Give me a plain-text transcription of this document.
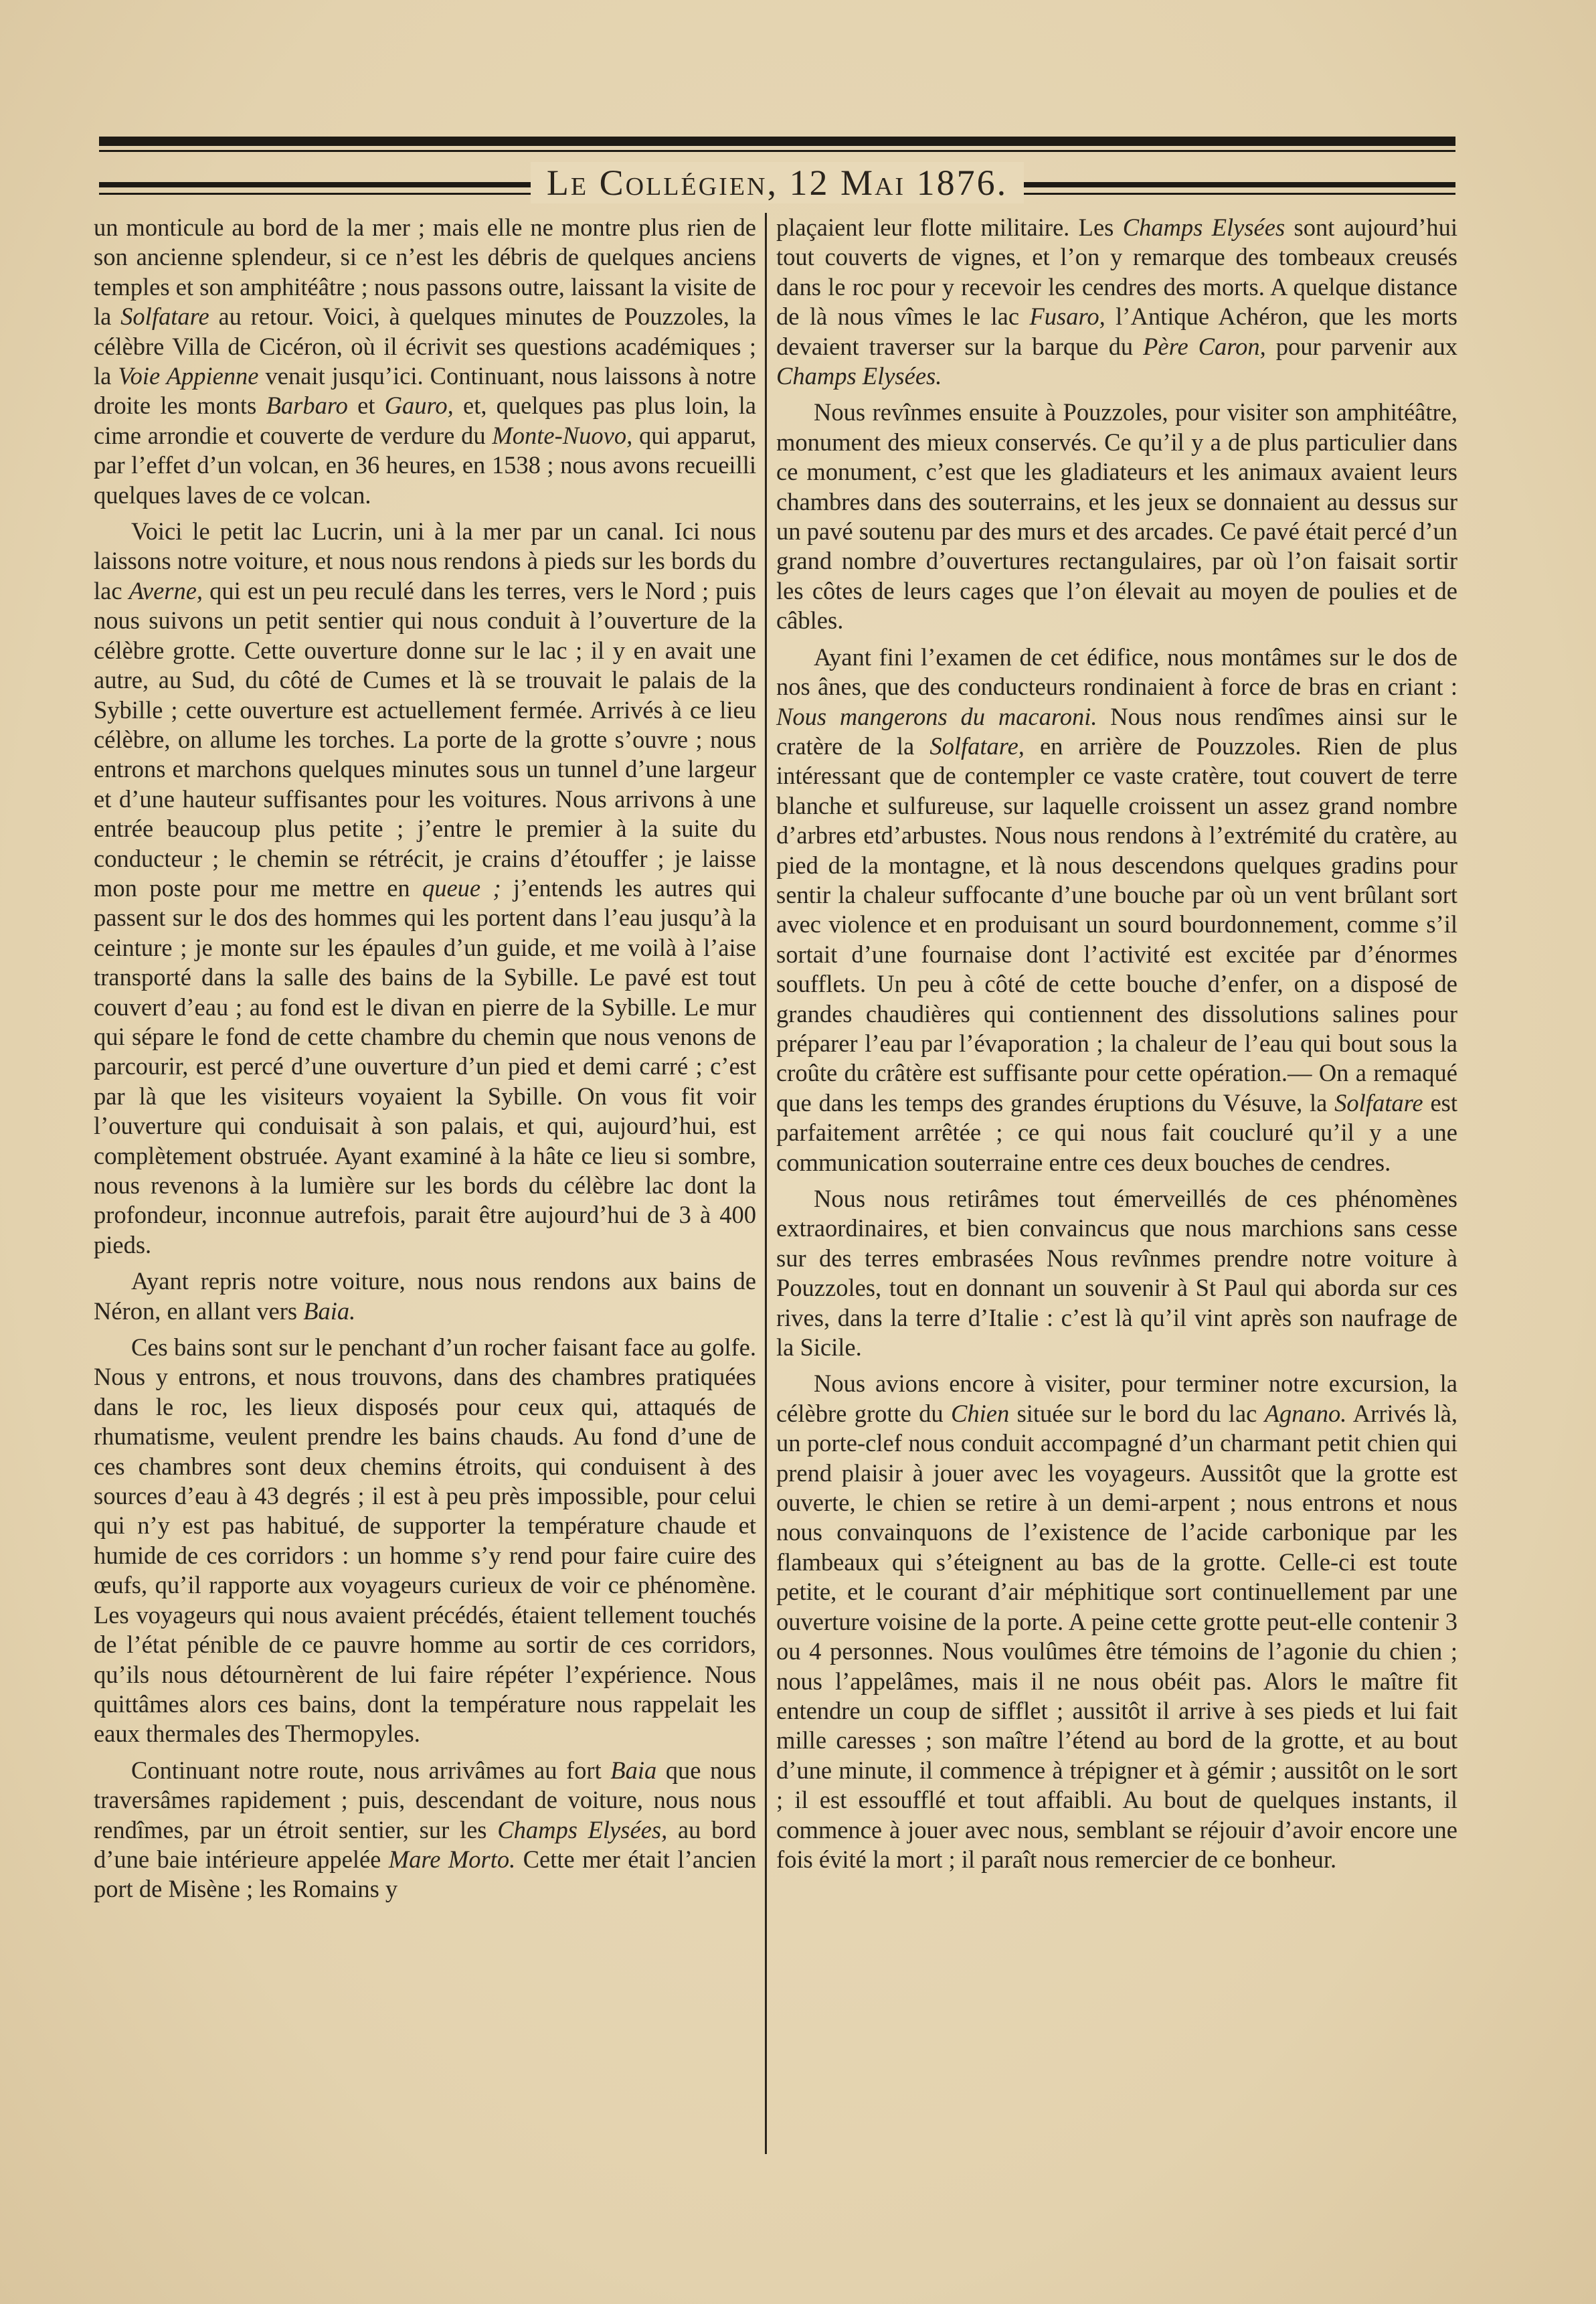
Le Collégien, 12 Mai 1876.

un monticule au bord de la mer ; mais elle ne montre plus rien de son ancienne splendeur, si ce n’est les débris de quelques anciens temples et son amphitéâtre ; nous passons outre, laissant la visite de la Solfatare au retour. Voici, à quelques minutes de Pouzzoles, la célèbre Villa de Cicéron, où il écrivit ses questions académiques ; la Voie Appienne venait jusqu’ici. Continuant, nous laissons à notre droite les monts Barbaro et Gauro, et, quelques pas plus loin, la cime arrondie et couverte de verdure du Monte-Nuovo, qui apparut, par l’effet d’un volcan, en 36 heures, en 1538 ; nous avons recueilli quelques laves de ce volcan.

Voici le petit lac Lucrin, uni à la mer par un canal. Ici nous laissons notre voiture, et nous nous rendons à pieds sur les bords du lac Averne, qui est un peu reculé dans les terres, vers le Nord ; puis nous suivons un petit sentier qui nous conduit à l’ouverture de la célèbre grotte. Cette ouverture donne sur le lac ; il y en avait une autre, au Sud, du côté de Cumes et là se trouvait le palais de la Sybille ; cette ouverture est actuellement fermée. Arrivés à ce lieu célèbre, on allume les torches. La porte de la grotte s’ouvre ; nous entrons et marchons quelques minutes sous un tunnel d’une largeur et d’une hauteur suffisantes pour les voitures. Nous arrivons à une entrée beaucoup plus petite ; j’entre le premier à la suite du conducteur ; le chemin se rétrécit, je crains d’étouffer ; je laisse mon poste pour me mettre en queue ; j’entends les autres qui passent sur le dos des hommes qui les portent dans l’eau jusqu’à la ceinture ; je monte sur les épaules d’un guide, et me voilà à l’aise transporté dans la salle des bains de la Sybille. Le pavé est tout couvert d’eau ; au fond est le divan en pierre de la Sybille. Le mur qui sépare le fond de cette chambre du chemin que nous venons de parcourir, est percé d’une ouverture d’un pied et demi carré ; c’est par là que les visiteurs voyaient la Sybille. On vous fit voir l’ouverture qui conduisait à son palais, et qui, aujourd’hui, est complètement obstruée. Ayant examiné à la hâte ce lieu si sombre, nous revenons à la lumière sur les bords du célèbre lac dont la profondeur, inconnue autrefois, parait être aujourd’hui de 3 à 400 pieds.

Ayant repris notre voiture, nous nous rendons aux bains de Néron, en allant vers Baia.

Ces bains sont sur le penchant d’un rocher faisant face au golfe. Nous y entrons, et nous trouvons, dans des chambres pratiquées dans le roc, les lieux disposés pour ceux qui, attaqués de rhumatisme, veulent prendre les bains chauds. Au fond d’une de ces chambres sont deux chemins étroits, qui conduisent à des sources d’eau à 43 degrés ; il est à peu près impossible, pour celui qui n’y est pas habitué, de supporter la température chaude et humide de ces corridors : un homme s’y rend pour faire cuire des œufs, qu’il rapporte aux voyageurs curieux de voir ce phénomène. Les voyageurs qui nous avaient précédés, étaient tellement touchés de l’état pénible de ce pauvre homme au sortir de ces corridors, qu’ils nous détournèrent de lui faire répéter l’expérience. Nous quittâmes alors ces bains, dont la température nous rappelait les eaux thermales des Thermopyles.

Continuant notre route, nous arrivâmes au fort Baia que nous traversâmes rapidement ; puis, descendant de voiture, nous nous rendîmes, par un étroit sentier, sur les Champs Elysées, au bord d’une baie intérieure appelée Mare Morto. Cette mer était l’ancien port de Misène ; les Romains y

plaçaient leur flotte militaire. Les Champs Elysées sont aujourd’hui tout couverts de vignes, et l’on y remarque des tombeaux creusés dans le roc pour y recevoir les cendres des morts. A quelque distance de là nous vîmes le lac Fusaro, l’Antique Achéron, que les morts devaient traverser sur la barque du Père Caron, pour parvenir aux Champs Elysées.

Nous revînmes ensuite à Pouzzoles, pour visiter son amphitéâtre, monument des mieux conservés. Ce qu’il y a de plus particulier dans ce monument, c’est que les gladiateurs et les animaux avaient leurs chambres dans des souterrains, et les jeux se donnaient au dessus sur un pavé soutenu par des murs et des arcades. Ce pavé était percé d’un grand nombre d’ouvertures rectangulaires, par où l’on faisait sortir les côtes de leurs cages que l’on élevait au moyen de poulies et de câbles.

Ayant fini l’examen de cet édifice, nous montâmes sur le dos de nos ânes, que des conducteurs rondinaient à force de bras en criant : Nous mangerons du macaroni. Nous nous rendîmes ainsi sur le cratère de la Solfatare, en arrière de Pouzzoles. Rien de plus intéressant que de contempler ce vaste cratère, tout couvert de terre blanche et sulfureuse, sur laquelle croissent un assez grand nombre d’arbres etd’arbustes. Nous nous rendons à l’extrémité du cratère, au pied de la montagne, et là nous descendons quelques gradins pour sentir la chaleur suffocante d’une bouche par où un vent brûlant sort avec violence et en produisant un sourd bourdonnement, comme s’il sortait d’une fournaise dont l’activité est excitée par d’énormes soufflets. Un peu à côté de cette bouche d’enfer, on a disposé de grandes chaudières qui contiennent des dissolutions salines pour préparer l’eau par l’évaporation ; la chaleur de l’eau qui bout sous la croûte du crâtère est suffisante pour cette opération.— On a remaqué que dans les temps des grandes éruptions du Vésuve, la Solfatare est parfaitement arrêtée ; ce qui nous fait coucluré qu’il y a une communication souterraine entre ces deux bouches de cendres.

Nous nous retirâmes tout émerveillés de ces phénomènes extraordinaires, et bien convaincus que nous marchions sans cesse sur des terres embrasées Nous revînmes prendre notre voiture à Pouzzoles, tout en donnant un souvenir à St Paul qui aborda sur ces rives, dans la terre d’Italie : c’est là qu’il vint après son naufrage de la Sicile.

Nous avions encore à visiter, pour terminer notre excursion, la célèbre grotte du Chien située sur le bord du lac Agnano. Arrivés là, un porte-clef nous conduit accompagné d’un charmant petit chien qui prend plaisir à jouer avec les voyageurs. Aussitôt que la grotte est ouverte, le chien se retire à un demi-arpent ; nous entrons et nous nous convainquons de l’existence de l’acide carbonique par les flambeaux qui s’éteignent au bas de la grotte. Celle-ci est toute petite, et le courant d’air méphitique sort continuellement par une ouverture voisine de la porte. A peine cette grotte peut-elle contenir 3 ou 4 personnes. Nous voulûmes être témoins de l’agonie du chien ; nous l’appelâmes, mais il ne nous obéit pas. Alors le maître fit entendre un coup de sifflet ; aussitôt il arrive à ses pieds et lui fait mille caresses ; son maître l’étend au bord de la grotte, et au bout d’une minute, il commence à trépigner et à gémir ; aussitôt on le sort ; il est essoufflé et tout affaibli. Au bout de quelques instants, il commence à jouer avec nous, semblant se réjouir d’avoir encore une fois évité la mort ; il paraît nous remercier de ce bonheur.
